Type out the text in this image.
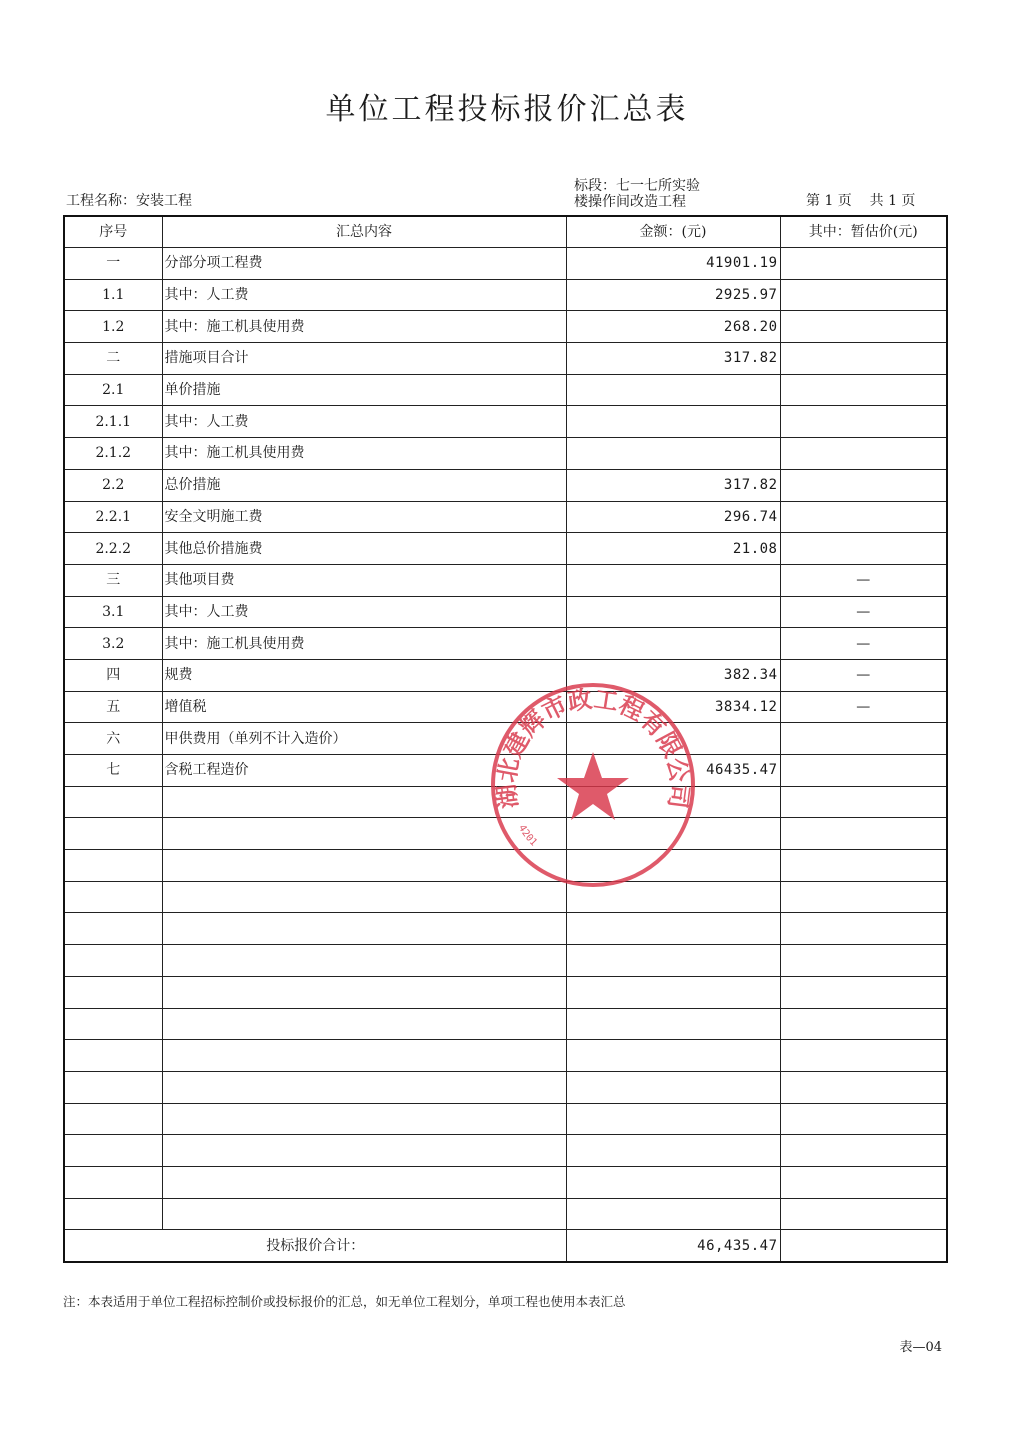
单位工程投标报价汇总表
工程名称：安装工程
标段：七一七所实验
楼操作间改造工程	第 1 页 共 1 页
序号	汇总内容	金额：(元)	其中：暂估价(元)
一	分部分项工程费	41901.19	
1.1	其中：人工费	2925.97	
1.2	其中：施工机具使用费	268.20	
二	措施项目合计	317.82	
2.1	单价措施		
2.1.1	其中：人工费		
2.1.2	其中：施工机具使用费		
2.2	总价措施	317.82	
2.2.1	安全文明施工费	296.74	
2.2.2	其他总价措施费	21.08	
三	其他项目费		—
3.1	其中：人工费		—
3.2	其中：施工机具使用费		—
四	规费	382.34	—
五	增值税	3834.12	—
六	甲供费用（单列不计入造价）		
七	含税工程造价	46435.47	

投标报价合计：		46,435.47	
湖北建辉市政工程有限公司
4201
注：本表适用于单位工程招标控制价或投标报价的汇总，如无单位工程划分，单项工程也使用本表汇总
表—04
